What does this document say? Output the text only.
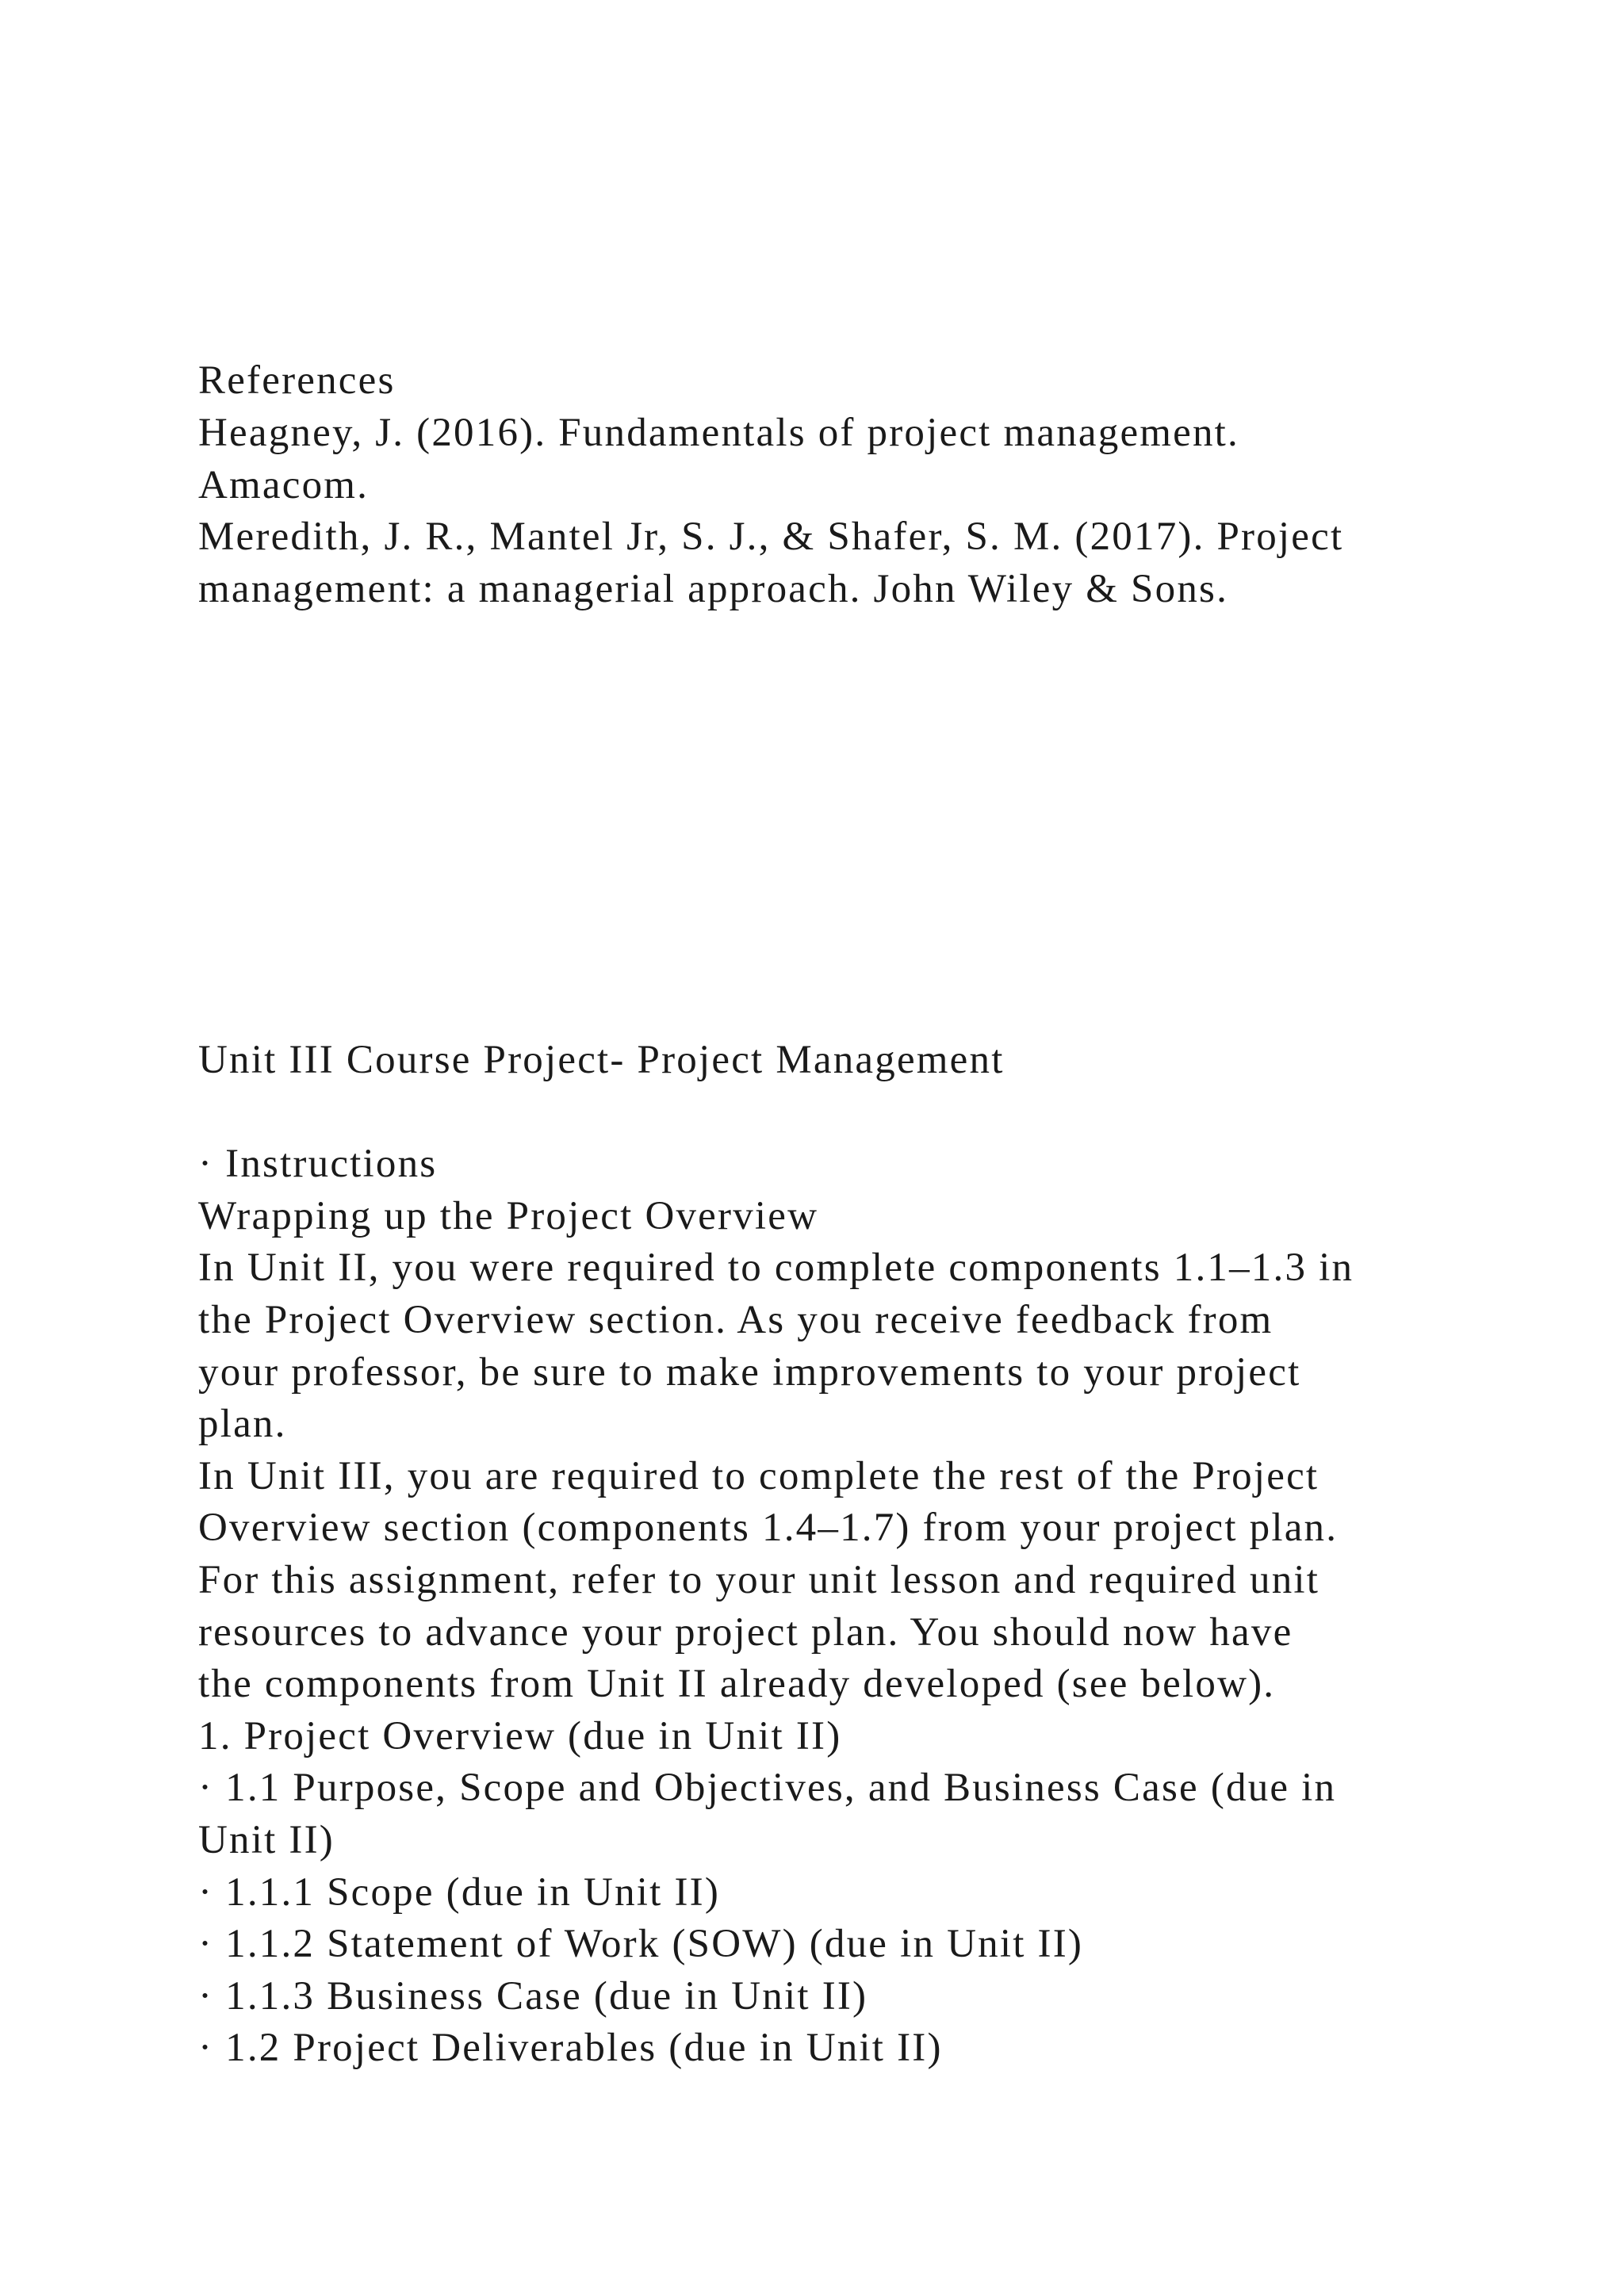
References
Heagney, J. (2016). Fundamentals of project management.
Amacom.
Meredith, J. R., Mantel Jr, S. J., & Shafer, S. M. (2017). Project
management: a managerial approach. John Wiley & Sons.
Unit III Course Project- Project Management
· Instructions
Wrapping up the Project Overview
In Unit II, you were required to complete components 1.1–1.3 in
the Project Overview section. As you receive feedback from
your professor, be sure to make improvements to your project
plan.
In Unit III, you are required to complete the rest of the Project
Overview section (components 1.4–1.7) from your project plan.
For this assignment, refer to your unit lesson and required unit
resources to advance your project plan. You should now have
the components from Unit II already developed (see below).
1. Project Overview (due in Unit II)
· 1.1 Purpose, Scope and Objectives, and Business Case (due in
Unit II)
· 1.1.1 Scope (due in Unit II)
· 1.1.2 Statement of Work (SOW) (due in Unit II)
· 1.1.3 Business Case (due in Unit II)
· 1.2 Project Deliverables (due in Unit II)
